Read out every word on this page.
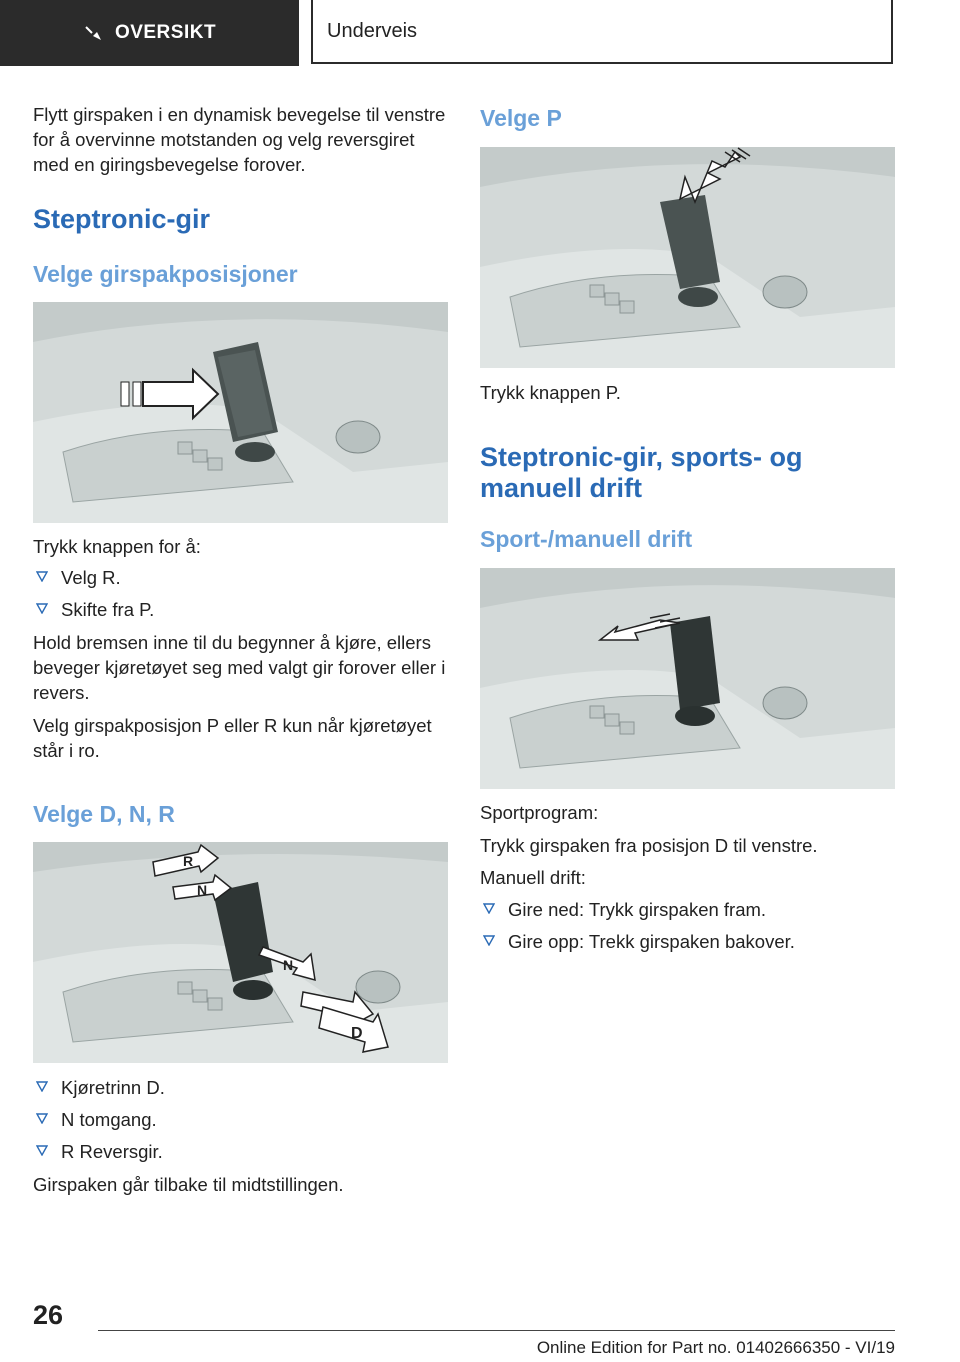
OVERSIKT	Underveis

Flytt girspaken i en dynamisk bevegelse til venstre for å overvinne motstanden og velg reversgiret med en giringsbevegelse forover.

Steptronic-gir
Velge girspakposisjoner

Trykk knappen for å:

Velg R.
Skifte fra P.

Hold bremsen inne til du begynner å kjøre, ellers beveger kjøretøyet seg med valgt gir forover eller i revers.

Velg girspakposisjon P eller R kun når kjøretøyet står i ro.

Velge D, N, R
R
N
N
D
Kjøretrinn D.
N tomgang.
R Reversgir.

Girspaken går tilbake til midtstillingen.

Velge P

Trykk knappen P.

Steptronic-gir, sports- og manuell drift
Sport-/manuell drift

Sportprogram:

Trykk girspaken fra posisjon D til venstre.

Manuell drift:

Gire ned: Trykk girspaken fram.
Gire opp: Trekk girspaken bakover.
26
Online Edition for Part no. 01402666350 - VI/19
